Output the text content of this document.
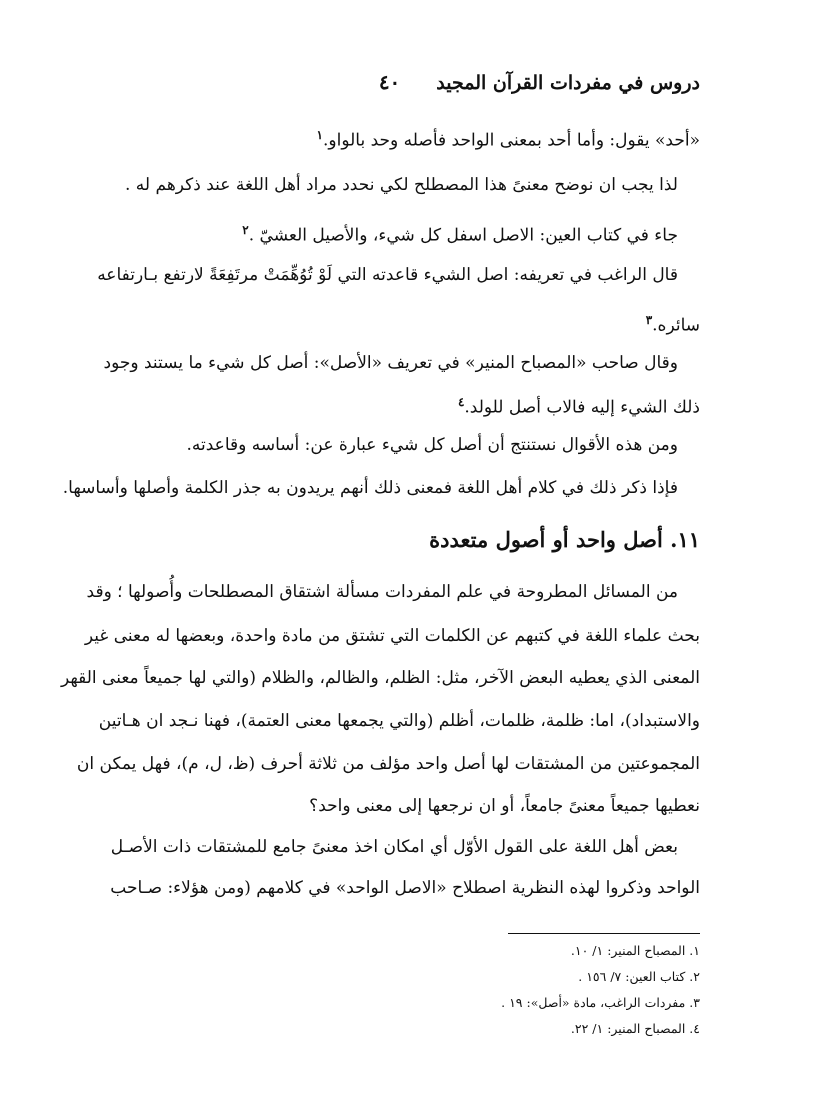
دروس في مفردات القرآن المجيد
٤٠
«أحد» يقول: وأما أحد بمعنى الواحد فأصله وحد بالواو.$^١$
لذا يجب ان نوضح معنىً هذا المصطلح لكي نحدد مراد أهل اللغة عند ذكرهم له .
جاء في كتاب العين: الاصل اسفل كل شيء، والأصيل العشيّ .$^٢$
قال الراغب في تعريفه: اصل الشيء قاعدته التي لَوْ تُوُهِّمَتْ مرتَفِعَةً لارتفع بـارتفاعه
سائره.$^٣$
وقال صاحب «المصباح المنير» في تعريف «الأصل»: أصل كل شيء ما يستند وجود
ذلك الشيء إليه فالاب أصل للولد.$^٤$
ومن هذه الأقوال نستنتج أن أصل كل شيء عبارة عن: أساسه وقاعدته.
فإذا ذكر ذلك في كلام أهل اللغة فمعنى ذلك أنهم يريدون به جذر الكلمة وأصلها وأساسها.
١١. أصل واحد أو أصول متعددة
من المسائل المطروحة في علم المفردات مسألة اشتقاق المصطلحات وأُصولها ؛ وقد
بحث علماء اللغة في كتبهم عن الكلمات التي تشتق من مادة واحدة، وبعضها له معنى غير
المعنى الذي يعطيه البعض الآخر، مثل: الظلم، والظالم، والظلام (والتي لها جميعاً معنى القهر
والاستبداد)، اما: ظلمة، ظلمات، أظلم (والتي يجمعها معنى العتمة)، فهنا نـجد ان هـاتين
المجموعتين من المشتقات لها أصل واحد مؤلف من ثلاثة أحرف (ظ، ل، م)، فهل يمكن ان
نعطيها جميعاً معنىً جامعاً، أو ان نرجعها إلى معنى واحد؟
بعض أهل اللغة على القول الأوّل أي امكان اخذ معنىً جامع للمشتقات ذات الأصـل
الواحد وذكروا لهذه النظرية اصطلاح «الاصل الواحد» في كلامهم (ومن هؤلاء: صـاحب
١. المصباح المنير: ١/ ١٠.
٢. كتاب العين: ٧/ ١٥٦ .
٣. مفردات الراغب، مادة «أصل»: ١٩ .
٤. المصباح المنير: ١/ ٢٢.
